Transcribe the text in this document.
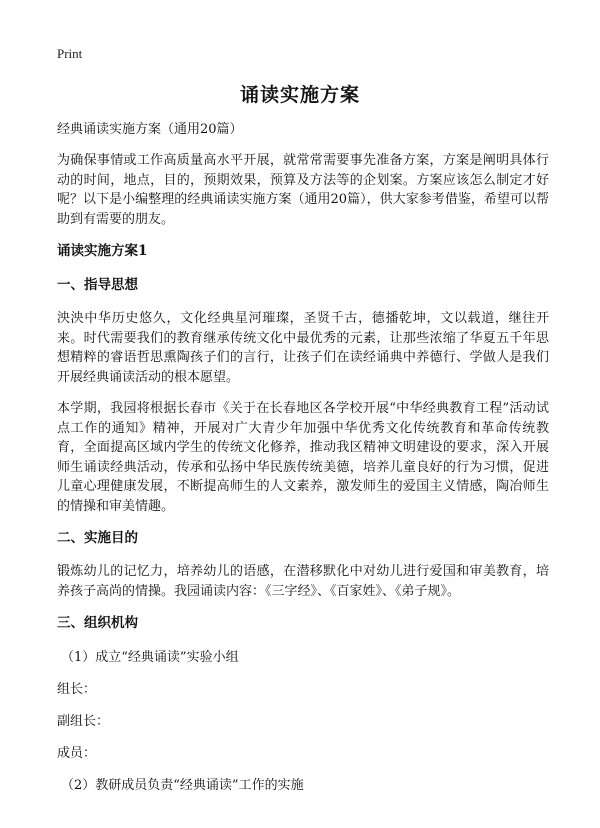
Print
诵读实施方案

经典诵读实施方案（通用20篇）

为确保事情或工作高质量高水平开展，就常常需要事先准备方案，方案是阐明具体行动的时间，地点，目的，预期效果，预算及方法等的企划案。方案应该怎么制定才好呢？以下是小编整理的经典诵读实施方案（通用20篇），供大家参考借鉴，希望可以帮助到有需要的朋友。

诵读实施方案1

一、指导思想

泱泱中华历史悠久，文化经典星河璀璨，圣贤千古，德播乾坤，文以载道，继往开来。时代需要我们的教育继承传统文化中最优秀的元素，让那些浓缩了华夏五千年思想精粹的睿语哲思熏陶孩子们的言行，让孩子们在读经诵典中养德行、学做人是我们开展经典诵读活动的根本愿望。

本学期，我园将根据长春市《关于在长春地区各学校开展“中华经典教育工程”活动试点工作的通知》精神，开展对广大青少年加强中华优秀文化传统教育和革命传统教育，全面提高区域内学生的传统文化修养，推动我区精神文明建设的要求，深入开展师生诵读经典活动，传承和弘扬中华民族传统美德，培养儿童良好的行为习惯，促进儿童心理健康发展，不断提高师生的人文素养，激发师生的爱国主义情感，陶冶师生的情操和审美情趣。

二、实施目的

锻炼幼儿的记忆力，培养幼儿的语感，在潜移默化中对幼儿进行爱国和审美教育，培养孩子高尚的情操。我园诵读内容：《三字经》、《百家姓》、《弟子规》。

三、组织机构

（1）成立“经典诵读”实验小组

组长：

副组长：

成员：

（2）教研成员负责“经典诵读”工作的实施
